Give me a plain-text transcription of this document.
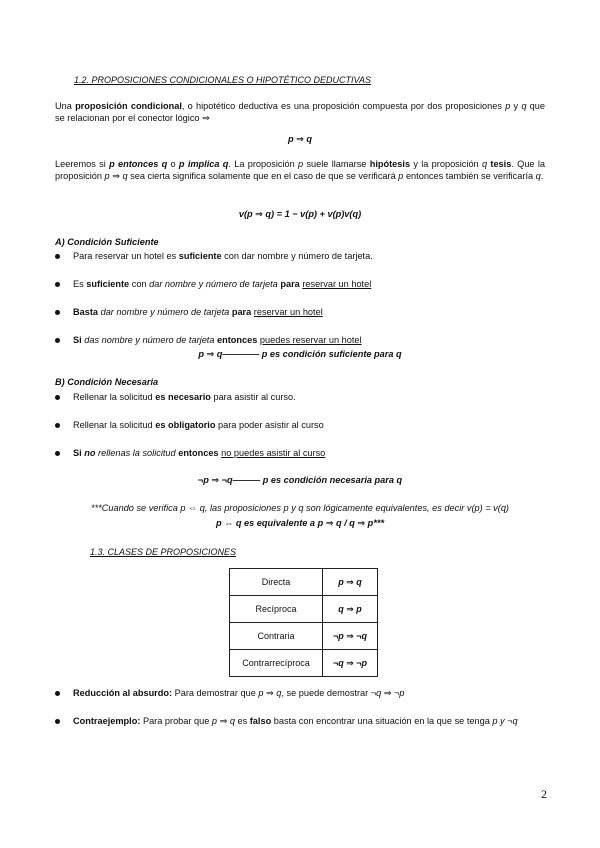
1.2. PROPOSICIONES CONDICIONALES O HIPOTÉTICO DEDUCTIVAS
Una proposición condicional, o hipotético deductiva es una proposición compuesta por dos proposiciones p y q que se relacionan por el conector lógico ⇒
p ⇒ q
Leeremos si p entonces q o p implica q. La proposición p suele llamarse hipótesis y la proposición q tesis. Que la proposición p ⇒ q sea cierta significa solamente que en el caso de que se verificará p entonces también se verificaría q.
v(p ⇒ q) = 1 − v(p) + v(p)v(q)
A) Condición Suficiente
Para reservar un hotel es suficiente con dar nombre y número de tarjeta.
Es suficiente con dar nombre y número de tarjeta para reservar un hotel
Basta dar nombre y número de tarjeta para reservar un hotel
Si das nombre y número de tarjeta entonces puedes reservar un hotel
p ⇒ q———— p es condición suficiente para q
B) Condición Necesaria
Rellenar la solicitud es necesario para asistir al curso.
Rellenar la solicitud es obligatorio para poder asistir al curso
Si no rellenas la solicitud entonces no puedes asistir al curso
¬p ⇒ ¬q——— p es condición necesaria para q
***Cuando se verifica p ⇔ q, las proposiciones p y q son lógicamente equivalentes, es decir v(p) = v(q)
p ⇔ q es equivalente a p ⇒ q / q ⇒ p***
1.3. CLASES DE PROPOSICIONES
Directa	p ⇒ q
Recíproca	q ⇒ p
Contraria	¬p ⇒ ¬q
Contrarrecíproca	¬q ⇒ ¬p
Reducción al absurdo: Para demostrar que p ⇒ q, se puede demostrar ¬q ⇒ ¬p
Contraejemplo: Para probar que p ⇒ q es falso basta con encontrar una situación en la que se tenga p y ¬q
2
